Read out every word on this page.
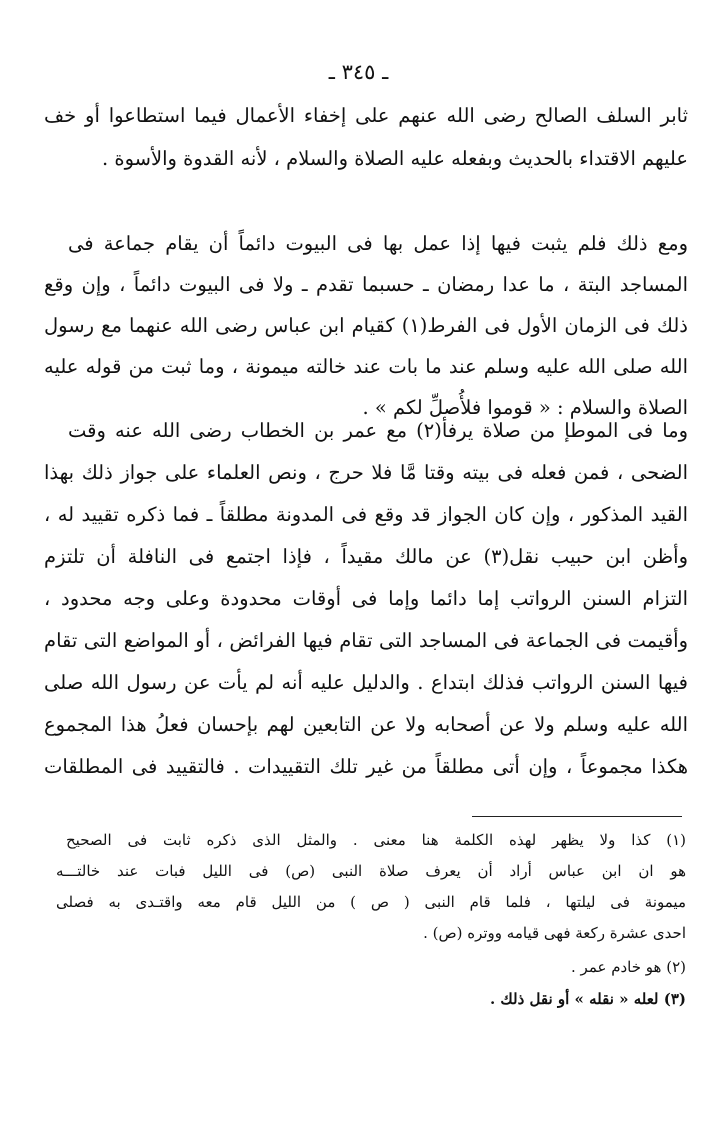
ـ ٣٤٥ ـ
ثابر السلف الصالح رضى الله عنهم على إخفاء الأعمال فيما استطاعوا أو خف
عليهم الاقتداء بالحديث وبفعله عليه الصلاة والسلام ، لأنه القدوة والأسوة .
ومع ذلك فلم يثبت فيها إذا عمل بها فى البيوت دائماً أن يقام جماعة فى
المساجد البتة ، ما عدا رمضان ـ حسبما تقدم ـ ولا فى البيوت دائماً ، وإن وقع
ذلك فى الزمان الأول فى الفرط(١) كقيام ابن عباس رضى الله عنهما مع رسول
الله صلى الله عليه وسلم عند ما بات عند خالته ميمونة ، وما ثبت من قوله عليه
الصلاة والسلام : « قوموا فلأُصلِّ لكم » .
وما فى الموطإ من صلاة يرفأ(٢) مع عمر بن الخطاب رضى الله عنه وقت
الضحى ، فمن فعله فى بيته وقتا مَّا فلا حرج ، ونص العلماء على جواز ذلك بهذا
القيد المذكور ، وإن كان الجواز قد وقع فى المدونة مطلقاً ـ فما ذكره تقييد له ،
وأظن ابن حبيب نقل(٣) عن مالك مقيداً ، فإذا اجتمع فى النافلة أن تلتزم
التزام السنن الرواتب إما دائما وإما فى أوقات محدودة وعلى وجه محدود ،
وأقيمت فى الجماعة فى المساجد التى تقام فيها الفرائض ، أو المواضع التى تقام
فيها السنن الرواتب فذلك ابتداع . والدليل عليه أنه لم يأت عن رسول الله صلى
الله عليه وسلم ولا عن أصحابه ولا عن التابعين لهم بإحسان فعلُ هذا المجموع
هكذا مجموعاً ، وإن أتى مطلقاً من غير تلك التقييدات . فالتقييد فى المطلقات
(١) كذا ولا يظهر لهذه الكلمة هنا معنى . والمثل الذى ذكره ثابت فى الصحيح
هو ان ابن عباس أراد أن يعرف صلاة النبى (ص) فى الليل فبات عند خالتـــه
ميمونة فى ليلتها ، فلما قام النبى ( ص ) من الليل قام معه واقتـدى به فصلى
احدى عشرة ركعة فهى قيامه ووتره (ص) .
(٢) هو خادم عمر .
(٣) لعله « نقله » أو نقل ذلك .
